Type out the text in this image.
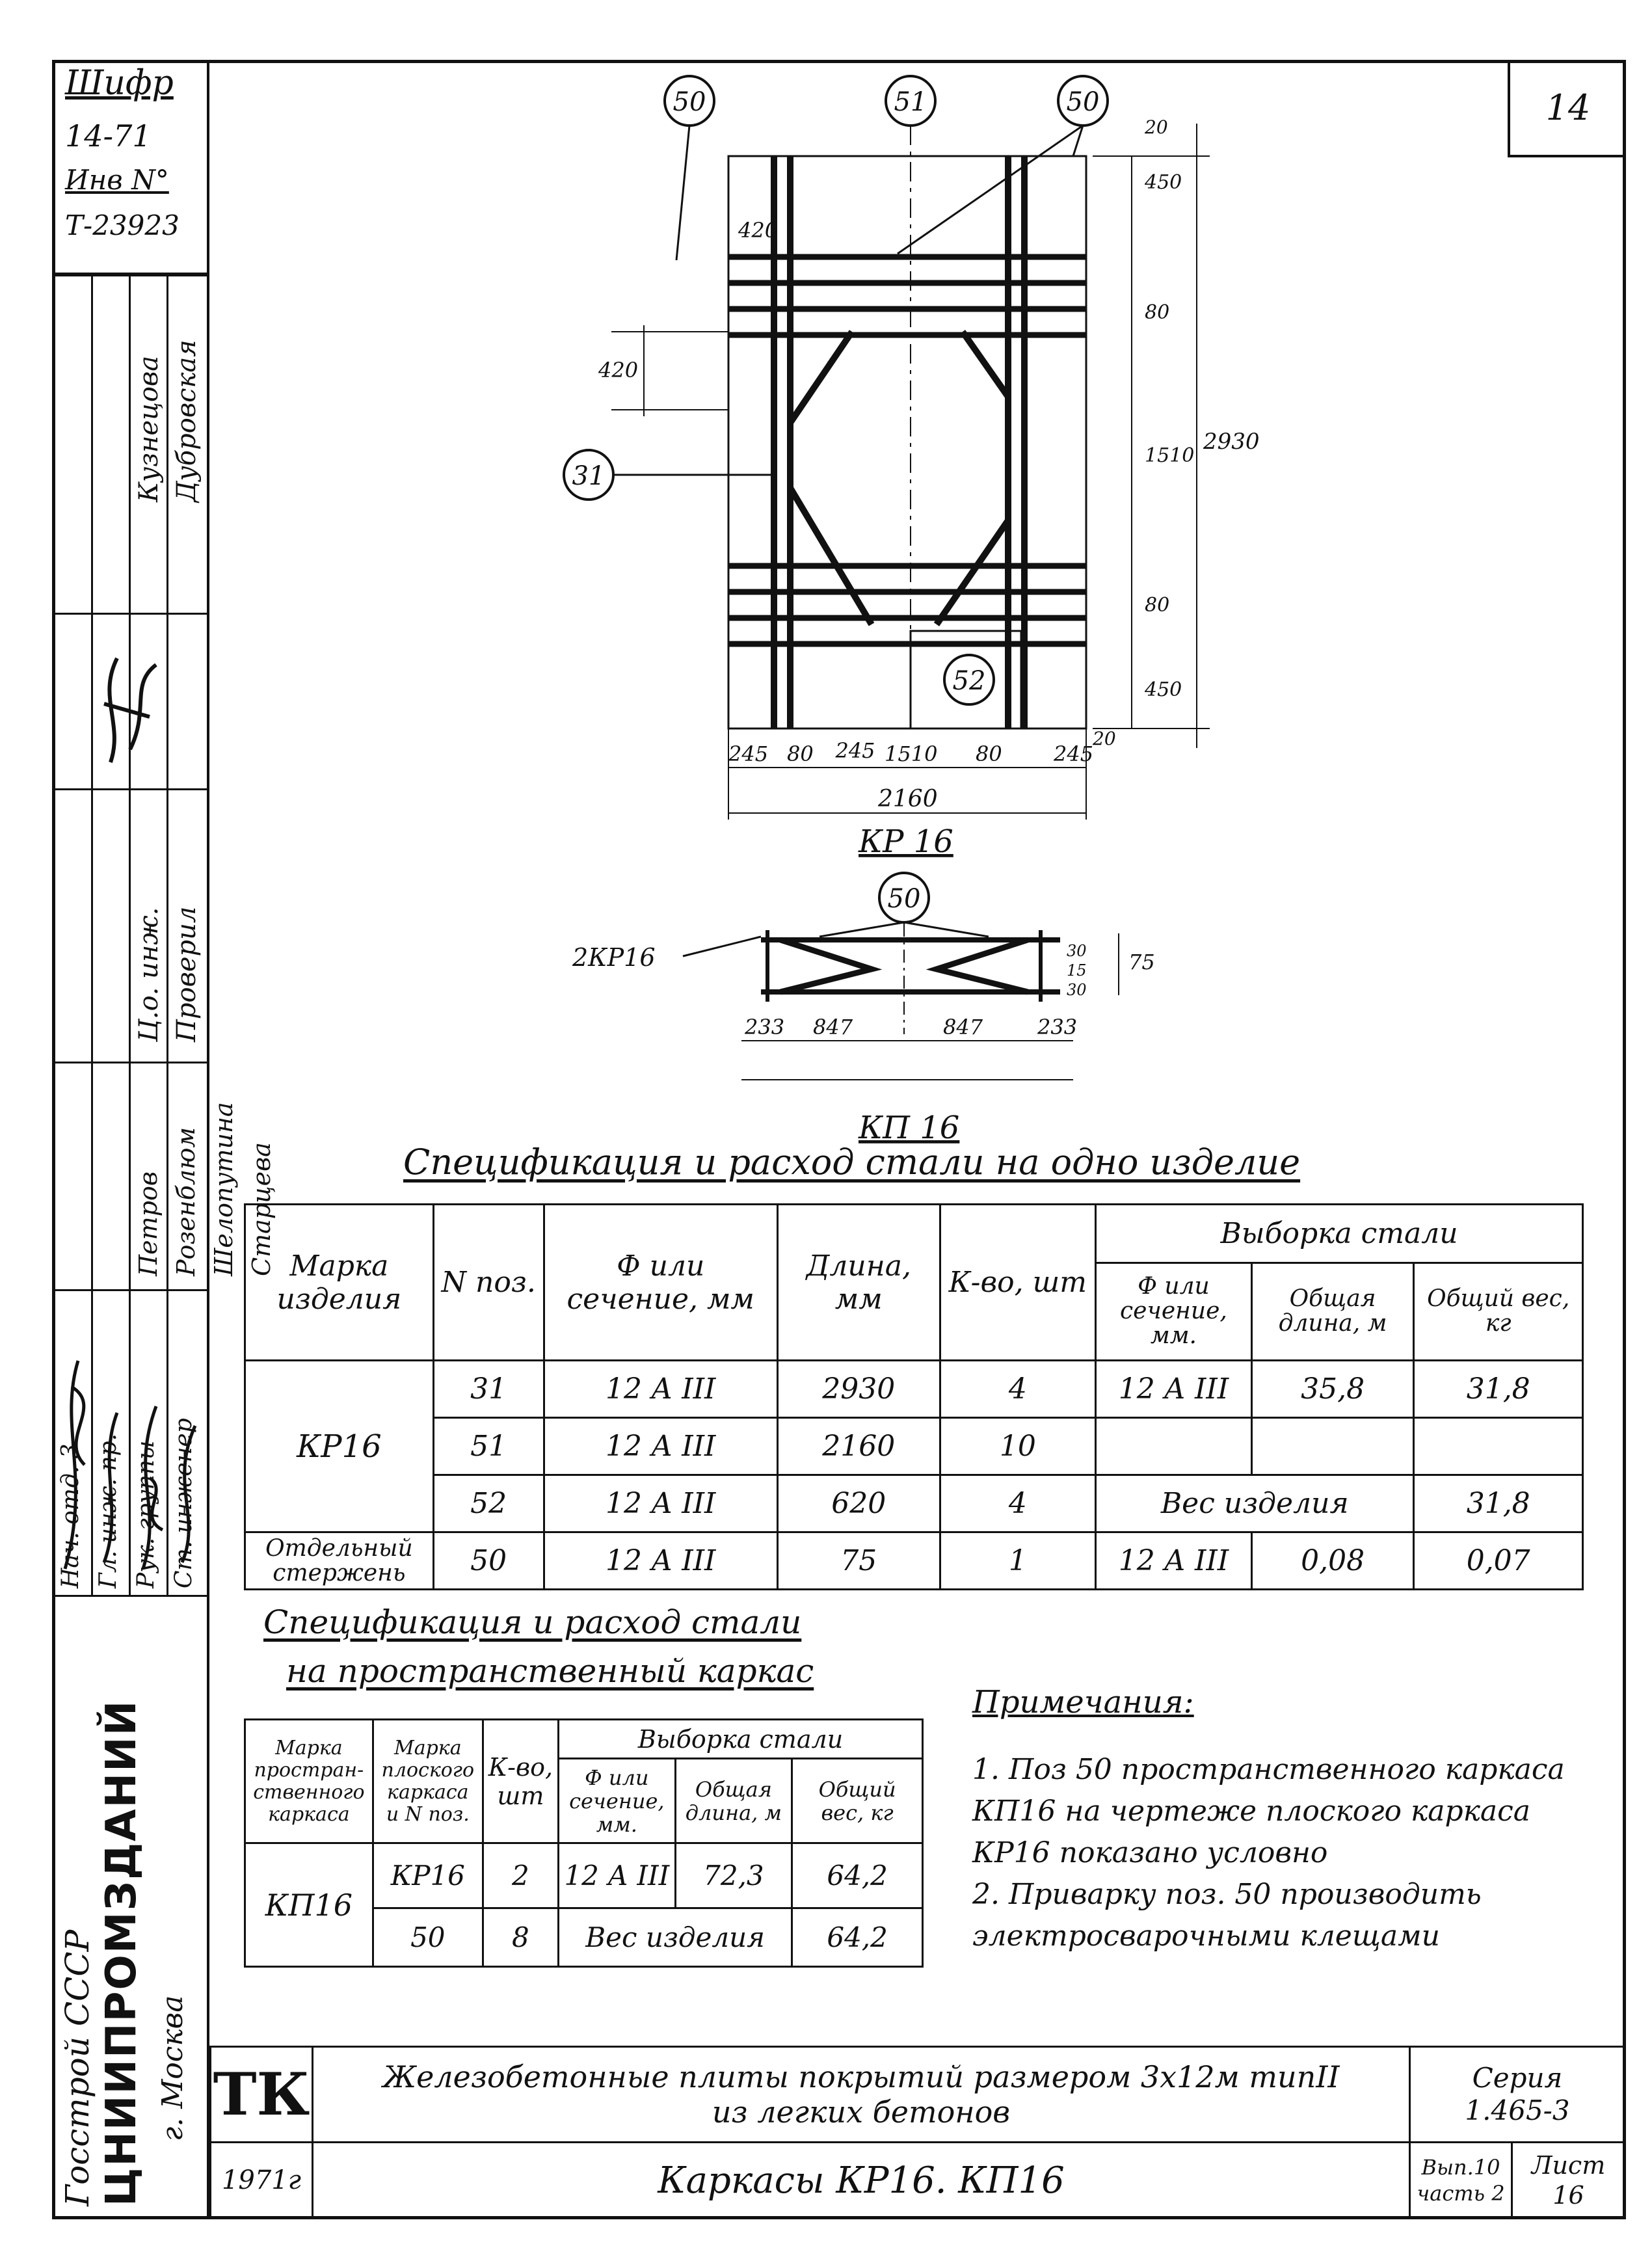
14
Шифр
14-71
Инв N°
Т-23923
Кузнецова Дубровская
Ц.о. инж. Проверил
Петров Розенблюм Шелопутина Старцева
Нач. отд. 3 Гл. инж. пр. Рук. группы Ст. инженер
Госстрой СССР ЦНИИПРОМЗДАНИЙ г. Москва
50	51	50
31
52
50
245
245 80	1510 80 245
2160
КР 16
420
420
450
80
1510
80
450
2930
20
20
2КР16
233 847	847	233
75
30
15
30
КП 16
Спецификация и расход стали на одно изделие
Марка изделия	N поз.	Ф или сечение, мм	Длина, мм	К-во, шт	Выборка стали		
					Ф или сечение, мм.	Общая длина, м	Общий вес, кг
КР16	31	12 А III	2930	4	12 А III	35,8	31,8
	51	12 А III	2160	10			
	52	12 А III	620	4	Вес изделия		31,8
Отдельный стержень	50	12 А III	75	1	12 А III	0,08	0,07
Спецификация и расход стали
на пространственный каркас
Марка простран- ственного каркаса	Марка плоского каркаса и N поз.	К-во, шт	Выборка стали		
			Ф или сечение, мм.	Общая длина, м	Общий вес, кг
КП16	КР16	2	12 А III	72,3	64,2
	50	8	Вес изделия		64,2
Примечания:
1. Поз 50 пространственного каркаса КП16 на чертеже плоского каркаса КР16 показано условно
2. Приварку поз. 50 производить электросварочными клещами
ТК
1971г
Железобетонные плиты покрытий размером 3х12м типII
из легких бетонов
Каркасы КР16. КП16
Серия
1.465-3
Вып.10
часть 2
Лист
16
